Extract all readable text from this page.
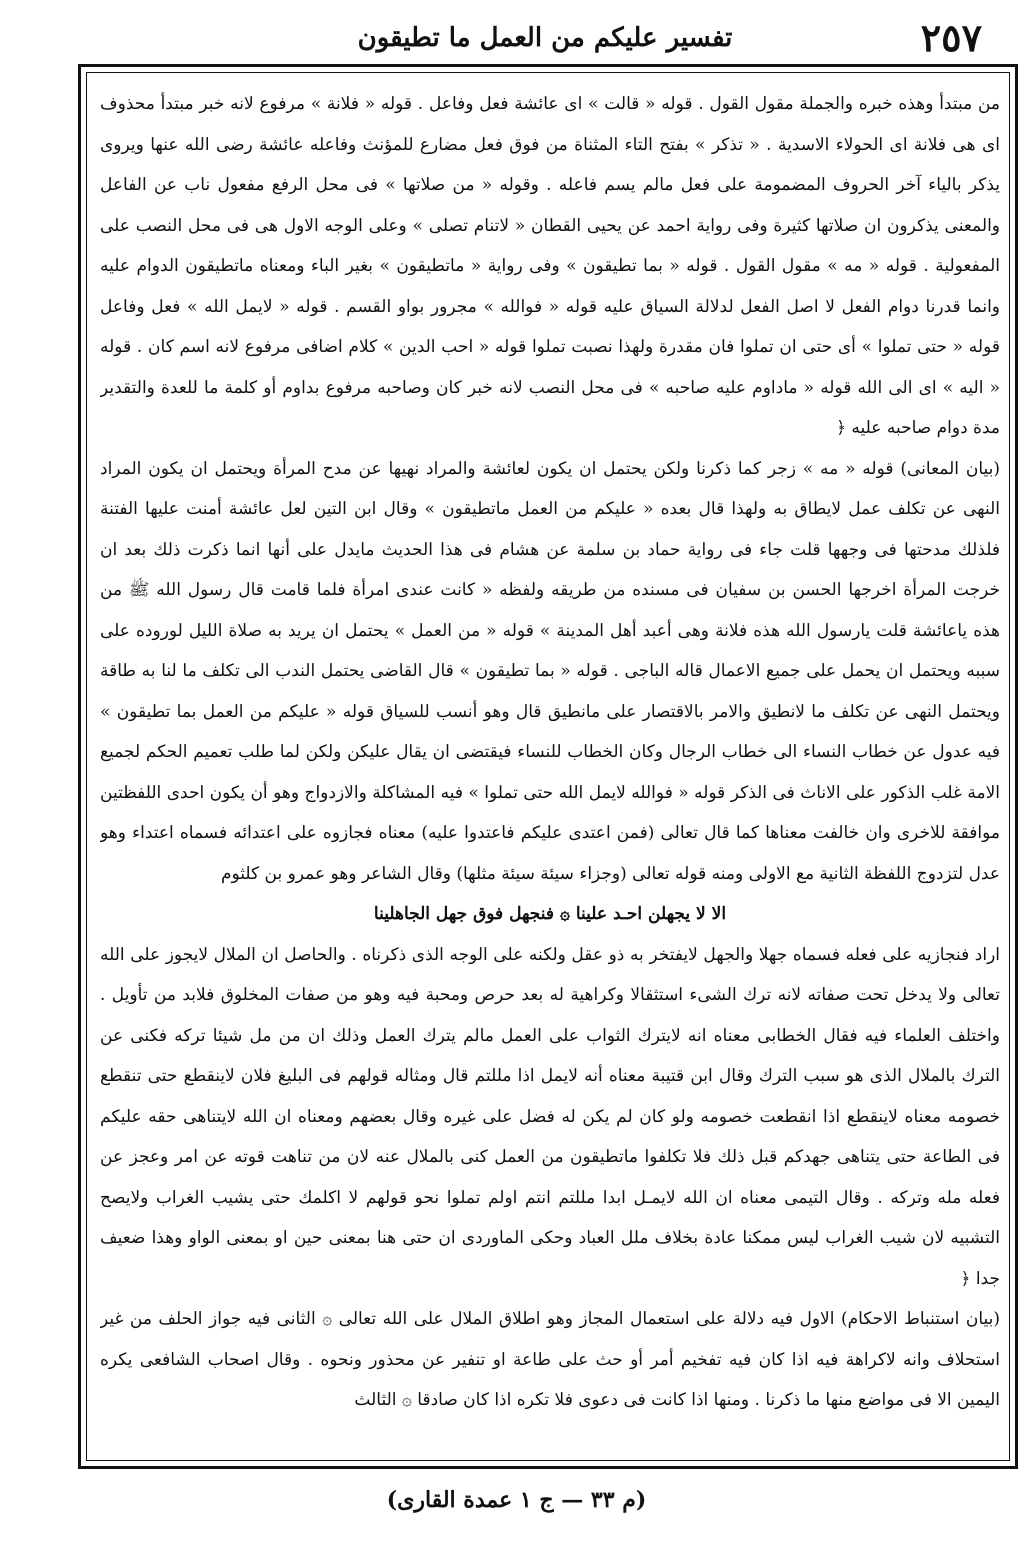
تفسير عليكم من العمل ما تطيقون	٢٥٧

من مبتدأ وهذه خبره والجملة مقول القول . قوله « قالت » اى عائشة فعل وفاعل . قوله « فلانة » مرفوع لانه خبر مبتدأ محذوف اى هى فلانة اى الحولاء الاسدية . « تذكر » بفتح التاء المثناة من فوق فعل مضارع للمؤنث وفاعله عائشة رضى الله عنها ويروى يذكر بالياء آخر الحروف المضمومة على فعل مالم يسم فاعله . وقوله « من صلاتها » فى محل الرفع مفعول ناب عن الفاعل والمعنى يذكرون ان صلاتها كثيرة وفى رواية احمد عن يحيى القطان « لاتنام تصلى » وعلى الوجه الاول هى فى محل النصب على المفعولية . قوله « مه » مقول القول . قوله « بما تطيقون » وفى رواية « ماتطيقون » بغير الباء ومعناه ماتطيقون الدوام عليه وانما قدرنا دوام الفعل لا اصل الفعل لدلالة السياق عليه قوله « فوالله » مجرور بواو القسم . قوله « لايمل الله » فعل وفاعل قوله « حتى تملوا » أى حتى ان تملوا فان مقدرة ولهذا نصبت تملوا قوله « احب الدين » كلام اضافى مرفوع لانه اسم كان . قوله « اليه » اى الى الله قوله « ماداوم عليه صاحبه » فى محل النصب لانه خبر كان وصاحبه مرفوع بداوم أو كلمة ما للعدة والتقدير مدة دوام صاحبه عليه ﴿

(بيان المعانى) قوله « مه » زجر كما ذكرنا ولكن يحتمل ان يكون لعائشة والمراد نهيها عن مدح المرأة ويحتمل ان يكون المراد النهى عن تكلف عمل لايطاق به ولهذا قال بعده « عليكم من العمل ماتطيقون » وقال ابن التين لعل عائشة أمنت عليها الفتنة فلذلك مدحتها فى وجهها قلت جاء فى رواية حماد بن سلمة عن هشام فى هذا الحديث مايدل على أنها انما ذكرت ذلك بعد ان خرجت المرأة اخرجها الحسن بن سفيان فى مسنده من طريقه ولفظه « كانت عندى امرأة فلما قامت قال رسول الله ﷺ من هذه ياعائشة قلت يارسول الله هذه فلانة وهى أعبد أهل المدينة » قوله « من العمل » يحتمل ان يريد به صلاة الليل لوروده على سببه ويحتمل ان يحمل على جميع الاعمال قاله الباجى . قوله « بما تطيقون » قال القاضى يحتمل الندب الى تكلف ما لنا به طاقة ويحتمل النهى عن تكلف ما لانطيق والامر بالاقتصار على مانطيق قال وهو أنسب للسياق قوله « عليكم من العمل بما تطيقون » فيه عدول عن خطاب النساء الى خطاب الرجال وكان الخطاب للنساء فيقتضى ان يقال عليكن ولكن لما طلب تعميم الحكم لجميع الامة غلب الذكور على الاناث فى الذكر قوله « فوالله لايمل الله حتى تملوا » فيه المشاكلة والازدواج وهو أن يكون احدى اللفظتين موافقة للاخرى وان خالفت معناها كما قال تعالى (فمن اعتدى عليكم فاعتدوا عليه) معناه فجازوه على اعتدائه فسماه اعتداء وهو عدل لتزدوج اللفظة الثانية مع الاولى ومنه قوله تعالى (وجزاء سيئة سيئة مثلها) وقال الشاعر وهو عمرو بن كلثوم

الا لا يجهلن احـد علينا ۞ فنجهل فوق جهل الجاهلينا

اراد فنجازيه على فعله فسماه جهلا والجهل لايفتخر به ذو عقل ولكنه على الوجه الذى ذكرناه . والحاصل ان الملال لايجوز على الله تعالى ولا يدخل تحت صفاته لانه ترك الشىء استثقالا وكراهية له بعد حرص ومحبة فيه وهو من صفات المخلوق فلابد من تأويل . واختلف العلماء فيه فقال الخطابى معناه انه لايترك الثواب على العمل مالم يترك العمل وذلك ان من مل شيئا تركه فكنى عن الترك بالملال الذى هو سبب الترك وقال ابن قتيبة معناه أنه لايمل اذا مللتم قال ومثاله قولهم فى البليغ فلان لاينقطع حتى تنقطع خصومه معناه لاينقطع اذا انقطعت خصومه ولو كان لم يكن له فضل على غيره وقال بعضهم ومعناه ان الله لايتناهى حقه عليكم فى الطاعة حتى يتناهى جهدكم قبل ذلك فلا تكلفوا ماتطيقون من العمل كنى بالملال عنه لان من تناهت قوته عن امر وعجز عن فعله مله وتركه . وقال التيمى معناه ان الله لايمـل ابدا مللتم انتم اولم تملوا نحو قولهم لا اكلمك حتى يشيب الغراب ولايصح التشبيه لان شيب الغراب ليس ممكنا عادة بخلاف ملل العباد وحكى الماوردى ان حتى هنا بمعنى حين او بمعنى الواو وهذا ضعيف جدا ﴿

(بيان استنباط الاحكام) الاول فيه دلالة على استعمال المجاز وهو اطلاق الملال على الله تعالى ۞ الثانى فيه جواز الحلف من غير استحلاف وانه لاكراهة فيه اذا كان فيه تفخيم أمر أو حث على طاعة او تنفير عن محذور ونحوه . وقال اصحاب الشافعى يكره اليمين الا فى مواضع منها ما ذكرنا . ومنها اذا كانت فى دعوى فلا تكره اذا كان صادقا ۞ الثالث

(م ٣٣ — ج ١ عمدة القارى)
